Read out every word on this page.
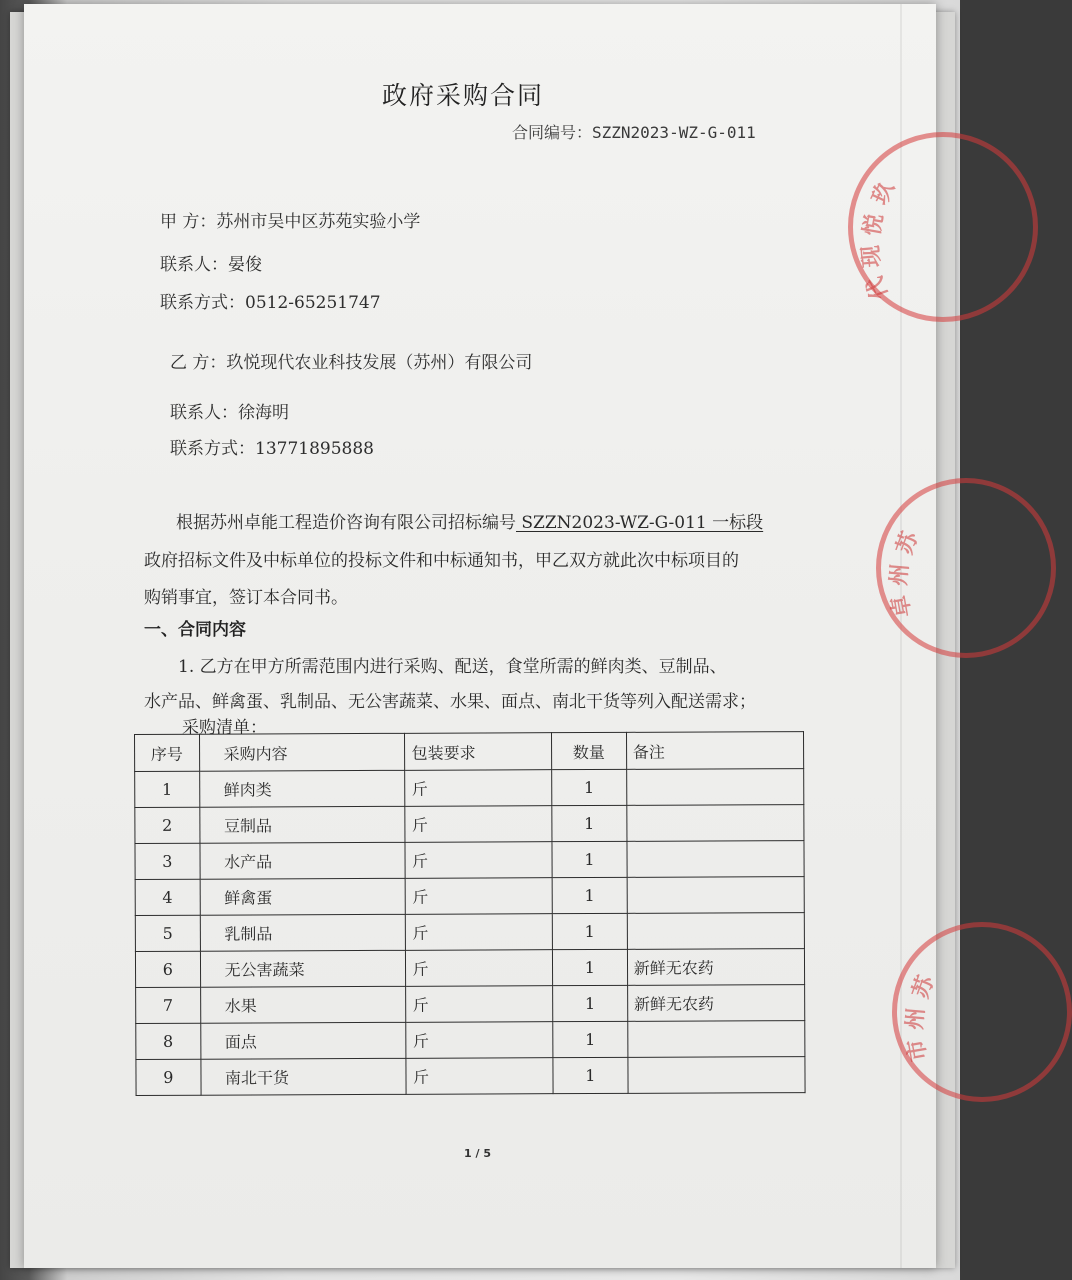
政府采购合同
合同编号：SZZN2023-WZ-G-011
甲 方：苏州市吴中区苏苑实验小学
联系人：晏俊
联系方式：0512-65251747
乙 方：玖悦现代农业科技发展（苏州）有限公司
联系人：徐海明
联系方式：13771895888
根据苏州卓能工程造价咨询有限公司招标编号 SZZN2023-WZ-G-011 一标段
政府招标文件及中标单位的投标文件和中标通知书，甲乙双方就此次中标项目的
购销事宜，签订本合同书。
一、合同内容
1. 乙方在甲方所需范围内进行采购、配送，食堂所需的鲜肉类、豆制品、
水产品、鲜禽蛋、乳制品、无公害蔬菜、水果、面点、南北干货等列入配送需求；
采购清单：
序号	采购内容	包装要求	数量	备注
1	鲜肉类	斤	1	
2	豆制品	斤	1	
3	水产品	斤	1	
4	鲜禽蛋	斤	1	
5	乳制品	斤	1	
6	无公害蔬菜	斤	1	新鲜无农药
7	水果	斤	1	新鲜无农药
8	面点	斤	1	
9	南北干货	斤	1	
1 / 5
玖
悦
现
代
苏
州
卓
苏
州
市
